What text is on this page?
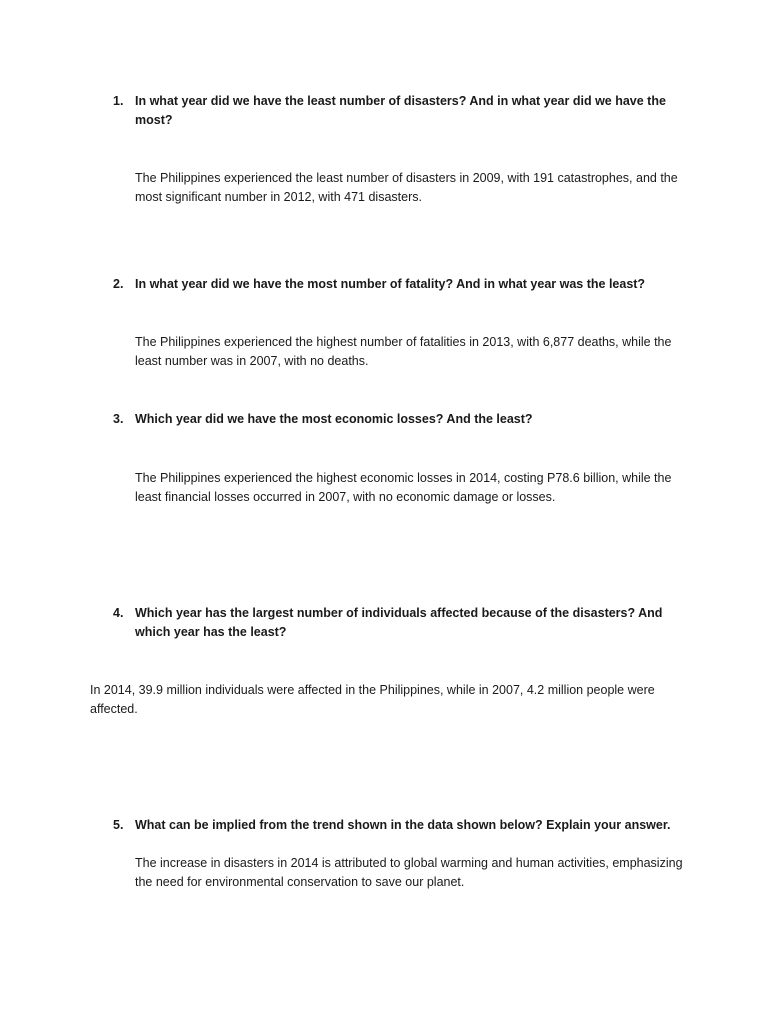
1. In what year did we have the least number of disasters? And in what year did we have the most?
The Philippines experienced the least number of disasters in 2009, with 191 catastrophes, and the most significant number in 2012, with 471 disasters.
2. In what year did we have the most number of fatality? And in what year was the least?
The Philippines experienced the highest number of fatalities in 2013, with 6,877 deaths, while the least number was in 2007, with no deaths.
3. Which year did we have the most economic losses? And the least?
The Philippines experienced the highest economic losses in 2014, costing P78.6 billion, while the least financial losses occurred in 2007, with no economic damage or losses.
4. Which year has the largest number of individuals affected because of the disasters? And which year has the least?
In 2014, 39.9 million individuals were affected in the Philippines, while in 2007, 4.2 million people were affected.
5. What can be implied from the trend shown in the data shown below? Explain your answer.
The increase in disasters in 2014 is attributed to global warming and human activities, emphasizing the need for environmental conservation to save our planet.
